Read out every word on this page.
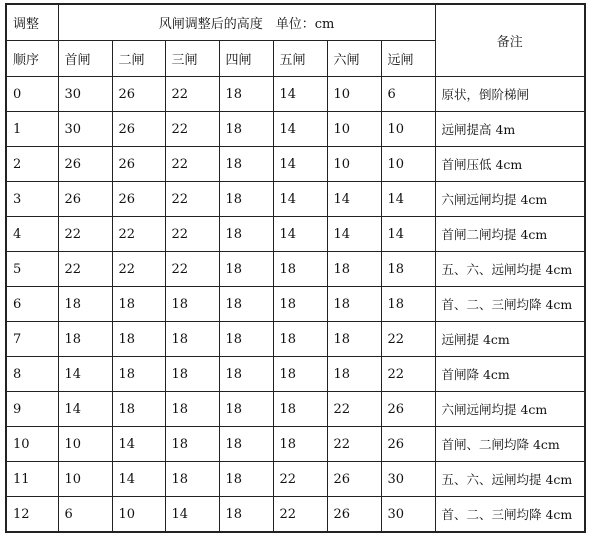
调整	风闸调整后的高度　单位：cm							备注
顺序	首闸	二闸	三闸	四闸	五闸	六闸	远闸	
0	30	26	22	18	14	10	6	原状，倒阶梯闸
1	30	26	22	18	14	10	10	远闸提高 4m
2	26	26	22	18	14	10	10	首闸压低 4cm
3	26	26	22	18	14	14	14	六闸远闸均提 4cm
4	22	22	22	18	14	14	14	首闸二闸均提 4cm
5	22	22	22	18	18	18	18	五、六、远闸均提 4cm
6	18	18	18	18	18	18	18	首、二、三闸均降 4cm
7	18	18	18	18	18	18	22	远闸提 4cm
8	14	18	18	18	18	18	22	首闸降 4cm
9	14	18	18	18	18	22	26	六闸远闸均提 4cm
10	10	14	18	18	18	22	26	首闸、二闸均降 4cm
11	10	14	18	18	22	26	30	五、六、远闸均提 4cm
12	6	10	14	18	22	26	30	首、二、三闸均降 4cm
